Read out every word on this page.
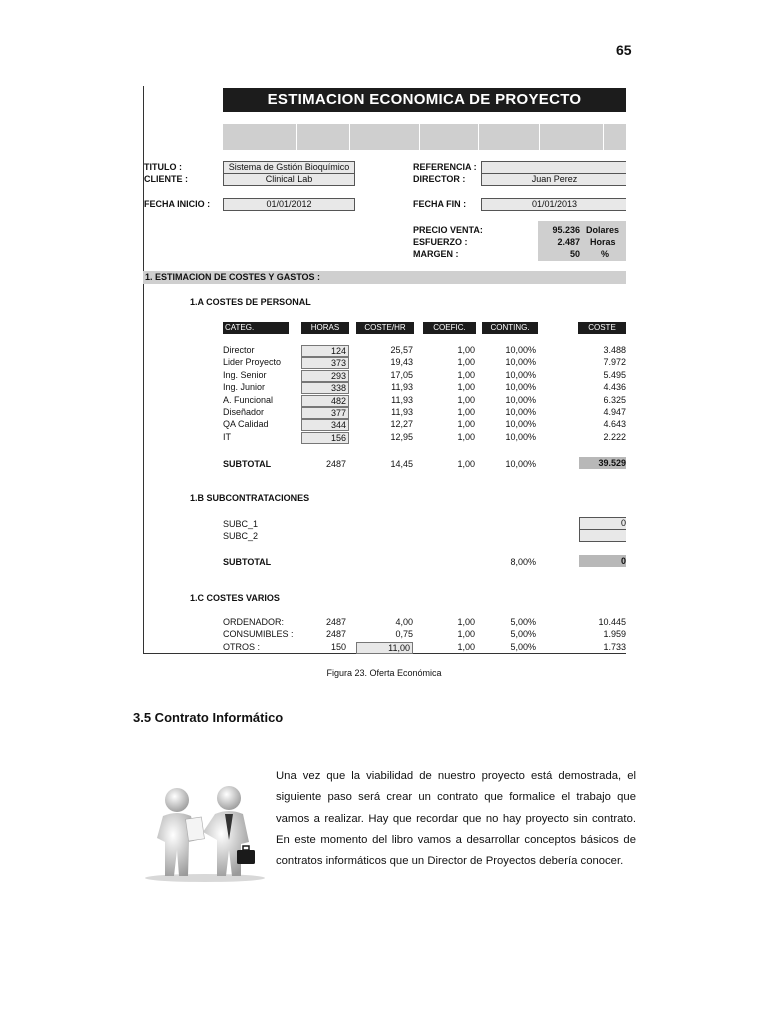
65
ESTIMACION ECONOMICA DE PROYECTO
TITULO :	Sistema de Gstión Bioquímico
CLIENTE :	Clinical Lab
FECHA INICIO :	01/01/2012
REFERENCIA :
DIRECTOR :	Juan Perez
FECHA FIN :	01/01/2013
PRECIO VENTA:	95.236 Dolares
ESFUERZO :	2.487 Horas
MARGEN :	50 %
1. ESTIMACION DE COSTES Y GASTOS :
1.A COSTES DE PERSONAL
CATEG.	HORAS	COSTE/HR	COEFIC.	CONTING.	COSTE
Director	124	25,57	1,00	10,00%	3.488
Lider Proyecto	373	19,43	1,00	10,00%	7.972
Ing. Senior	293	17,05	1,00	10,00%	5.495
Ing. Junior	338	11,93	1,00	10,00%	4.436
A. Funcional	482	11,93	1,00	10,00%	6.325
Diseñador	377	11,93	1,00	10,00%	4.947
QA Calidad	344	12,27	1,00	10,00%	4.643
IT	156	12,95	1,00	10,00%	2.222
SUBTOTAL	2487	14,45	1,00	10,00%	39.529
1.B SUBCONTRATACIONES
SUBC_1	0
SUBC_2
SUBTOTAL	8,00%	0
1.C COSTES VARIOS
ORDENADOR:	2487	4,00	1,00	5,00%	10.445
CONSUMIBLES :	2487	0,75	1,00	5,00%	1.959
OTROS :	150	11,00	1,00	5,00%	1.733
Figura 23. Oferta Económica
3.5 Contrato Informático
Una vez que la viabilidad de nuestro proyecto está demostrada, el siguiente paso será crear un contrato que formalice el trabajo que vamos a realizar. Hay que recordar que no hay proyecto sin contrato. En este momento del libro vamos a desarrollar conceptos básicos de contratos informáticos que un Director de Proyectos debería conocer.
